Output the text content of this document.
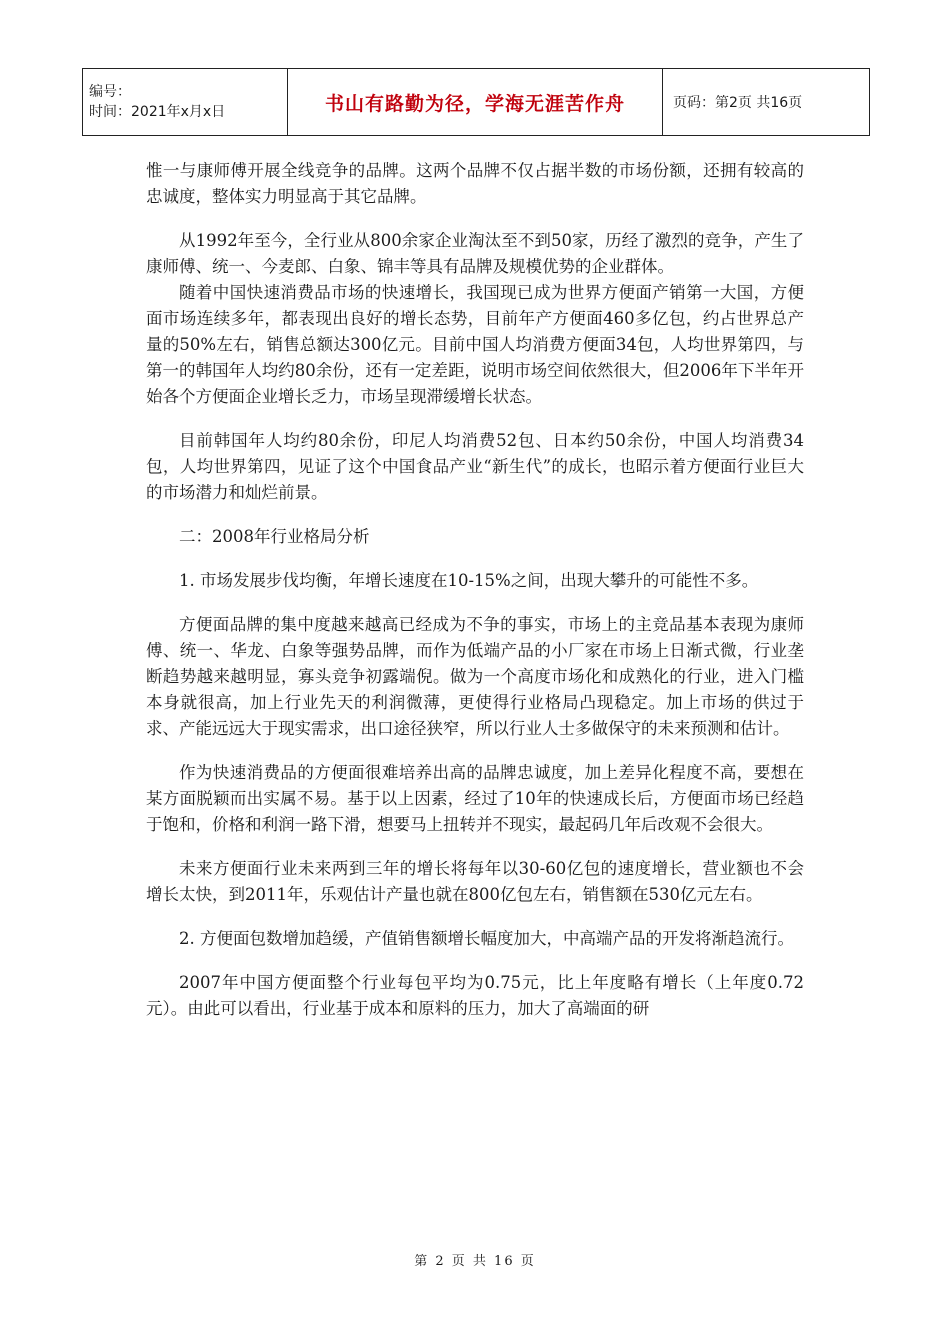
编号：
时间：2021年x月x日	书山有路勤为径，学海无涯苦作舟	页码：第2页 共16页

惟一与康师傅开展全线竞争的品牌。这两个品牌不仅占据半数的市场份额，还拥有较高的忠诚度，整体实力明显高于其它品牌。

从1992年至今，全行业从800余家企业淘汰至不到50家，历经了激烈的竞争，产生了康师傅、统一、今麦郎、白象、锦丰等具有品牌及规模优势的企业群体。

随着中国快速消费品市场的快速增长，我国现已成为世界方便面产销第一大国，方便面市场连续多年，都表现出良好的增长态势，目前年产方便面460多亿包，约占世界总产量的50%左右，销售总额达300亿元。目前中国人均消费方便面34包，人均世界第四，与第一的韩国年人均约80余份，还有一定差距，说明市场空间依然很大，但2006年下半年开始各个方便面企业增长乏力，市场呈现滞缓增长状态。

目前韩国年人均约80余份，印尼人均消费52包、日本约50余份，中国人均消费34包，人均世界第四，见证了这个中国食品产业“新生代”的成长，也昭示着方便面行业巨大的市场潜力和灿烂前景。

二：2008年行业格局分析

1. 市场发展步伐均衡，年增长速度在10-15%之间，出现大攀升的可能性不多。

方便面品牌的集中度越来越高已经成为不争的事实，市场上的主竞品基本表现为康师傅、统一、华龙、白象等强势品牌，而作为低端产品的小厂家在市场上日渐式微，行业垄断趋势越来越明显，寡头竞争初露端倪。做为一个高度市场化和成熟化的行业，进入门槛本身就很高，加上行业先天的利润微薄，更使得行业格局凸现稳定。加上市场的供过于求、产能远远大于现实需求，出口途径狭窄，所以行业人士多做保守的未来预测和估计。

作为快速消费品的方便面很难培养出高的品牌忠诚度，加上差异化程度不高，要想在某方面脱颖而出实属不易。基于以上因素，经过了10年的快速成长后，方便面市场已经趋于饱和，价格和利润一路下滑，想要马上扭转并不现实，最起码几年后改观不会很大。

未来方便面行业未来两到三年的增长将每年以30-60亿包的速度增长，营业额也不会增长太快，到2011年，乐观估计产量也就在800亿包左右，销售额在530亿元左右。

2. 方便面包数增加趋缓，产值销售额增长幅度加大，中高端产品的开发将渐趋流行。

2007年中国方便面整个行业每包平均为0.75元，比上年度略有增长（上年度0.72元）。由此可以看出，行业基于成本和原料的压力，加大了高端面的研

第 2 页 共 16 页
